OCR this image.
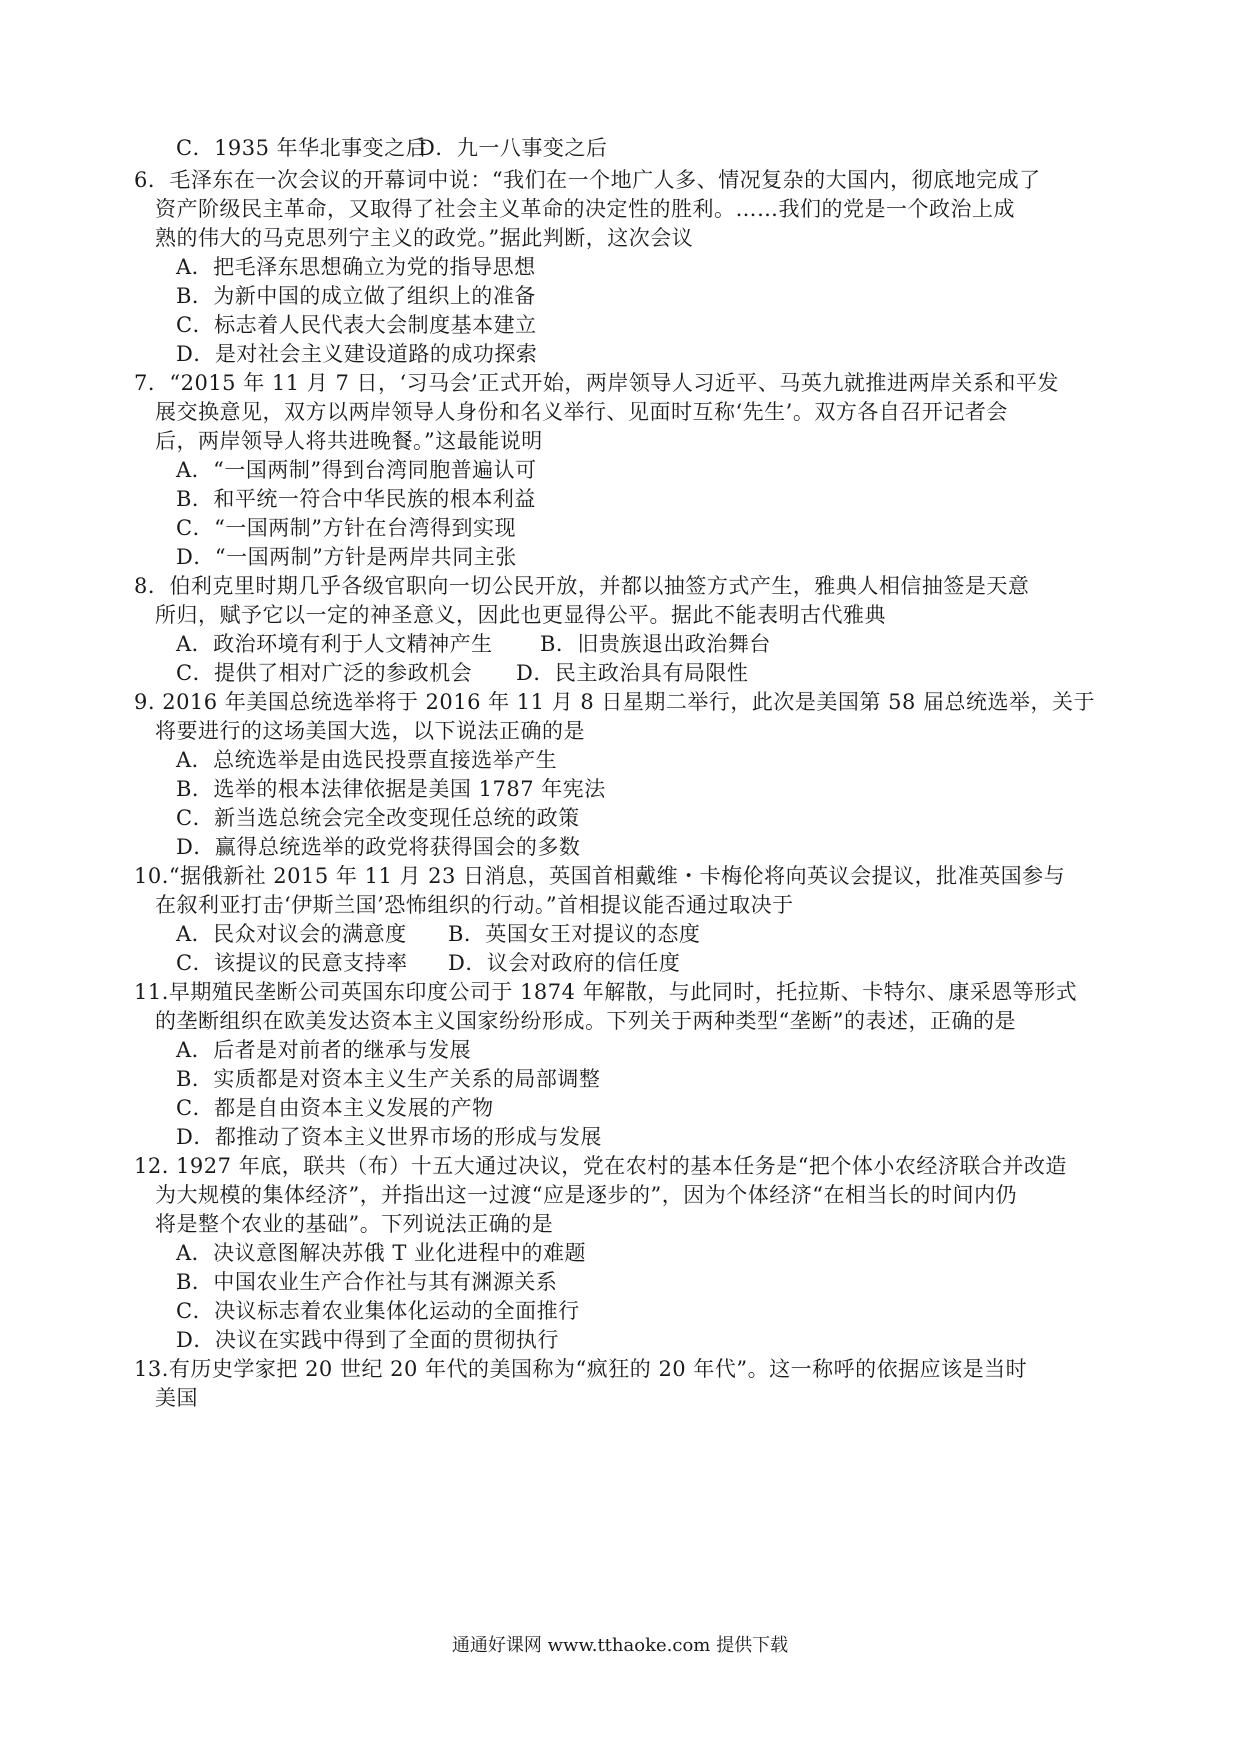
C．1935 年华北事变之后
D．九一八事变之后
6．毛泽东在一次会议的开幕词中说：“我们在一个地广人多、情况复杂的大国内，彻底地完成了
资产阶级民主革命，又取得了社会主义革命的决定性的胜利。……我们的党是一个政治上成
熟的伟大的马克思列宁主义的政党。”据此判断，这次会议
A．把毛泽东思想确立为党的指导思想
B．为新中国的成立做了组织上的准备
C．标志着人民代表大会制度基本建立
D．是对社会主义建设道路的成功探索
7．“2015 年 11 月 7 日，‘习马会’正式开始，两岸领导人习近平、马英九就推进两岸关系和平发
展交换意见，双方以两岸领导人身份和名义举行、见面时互称‘先生’。双方各自召开记者会
后，两岸领导人将共进晚餐。”这最能说明
A．“一国两制”得到台湾同胞普遍认可
B．和平统一符合中华民族的根本利益
C．“一国两制”方针在台湾得到实现
D．“一国两制”方针是两岸共同主张
8．伯利克里时期几乎各级官职向一切公民开放，并都以抽签方式产生，雅典人相信抽签是天意
所归，赋予它以一定的神圣意义，因此也更显得公平。据此不能表明古代雅典
A．政治环境有利于人文精神产生 B．旧贵族退出政治舞台
C．提供了相对广泛的参政机会 D．民主政治具有局限性
9. 2016 年美国总统选举将于 2016 年 11 月 8 日星期二举行，此次是美国第 58 届总统选举，关于
将要进行的这场美国大选，以下说法正确的是
A．总统选举是由选民投票直接选举产生
B．选举的根本法律依据是美国 1787 年宪法
C．新当选总统会完全改变现任总统的政策
D．赢得总统选举的政党将获得国会的多数
10.“据俄新社 2015 年 11 月 23 日消息，英国首相戴维・卡梅伦将向英议会提议，批准英国参与
在叙利亚打击‘伊斯兰国’恐怖组织的行动。”首相提议能否通过取决于
A．民众对议会的满意度 B．英国女王对提议的态度
C．该提议的民意支持率 D．议会对政府的信任度
11.早期殖民垄断公司英国东印度公司于 1874 年解散，与此同时，托拉斯、卡特尔、康采恩等形式
的垄断组织在欧美发达资本主义国家纷纷形成。下列关于两种类型“垄断”的表述，正确的是
A．后者是对前者的继承与发展
B．实质都是对资本主义生产关系的局部调整
C．都是自由资本主义发展的产物
D．都推动了资本主义世界市场的形成与发展
12. 1927 年底，联共（布）十五大通过决议，党在农村的基本任务是“把个体小农经济联合并改造
为大规模的集体经济”，并指出这一过渡“应是逐步的”，因为个体经济“在相当长的时间内仍
将是整个农业的基础”。下列说法正确的是
A．决议意图解决苏俄 T 业化进程中的难题
B．中国农业生产合作社与其有渊源关系
C．决议标志着农业集体化运动的全面推行
D．决议在实践中得到了全面的贯彻执行
13.有历史学家把 20 世纪 20 年代的美国称为“疯狂的 20 年代”。这一称呼的依据应该是当时
美国
通通好课网 www.tthaoke.com 提供下载
